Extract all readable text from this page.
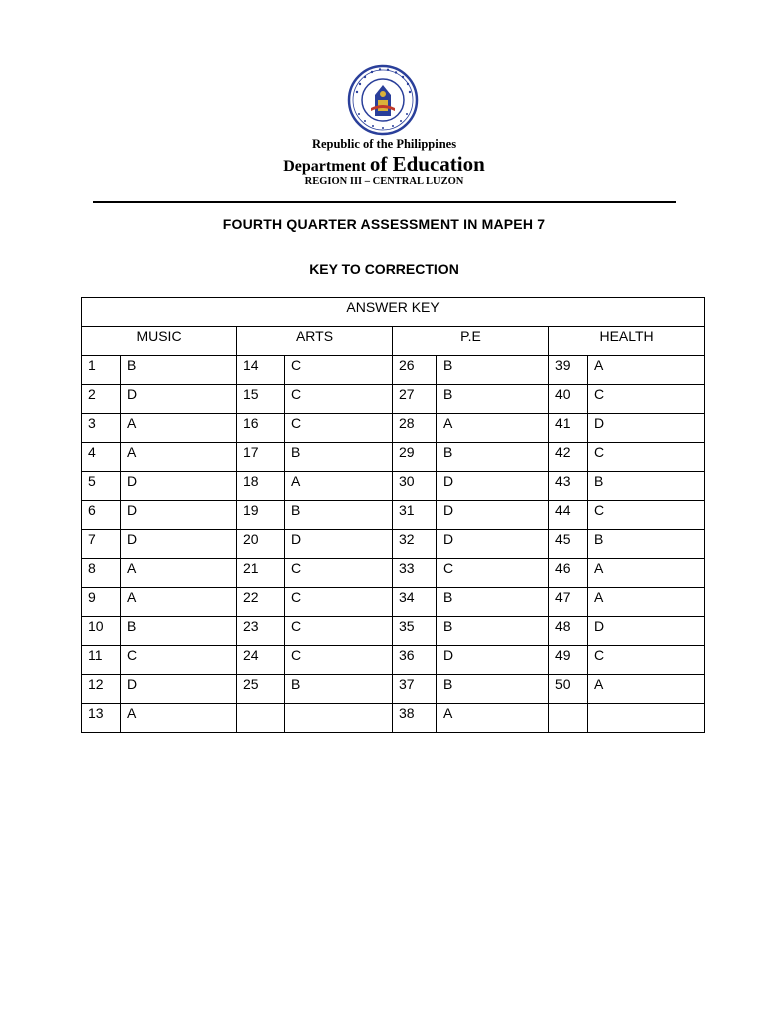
Republic of the Philippines
Department of Education
REGION III – CENTRAL LUZON
FOURTH QUARTER ASSESSMENT IN MAPEH 7
KEY TO CORRECTION
ANSWER KEY							
MUSIC		ARTS		P.E		HEALTH	
1	B	14	C	26	B	39	A
2	D	15	C	27	B	40	C
3	A	16	C	28	A	41	D
4	A	17	B	29	B	42	C
5	D	18	A	30	D	43	B
6	D	19	B	31	D	44	C
7	D	20	D	32	D	45	B
8	A	21	C	33	C	46	A
9	A	22	C	34	B	47	A
10	B	23	C	35	B	48	D
11	C	24	C	36	D	49	C
12	D	25	B	37	B	50	A
13	A			38	A		
